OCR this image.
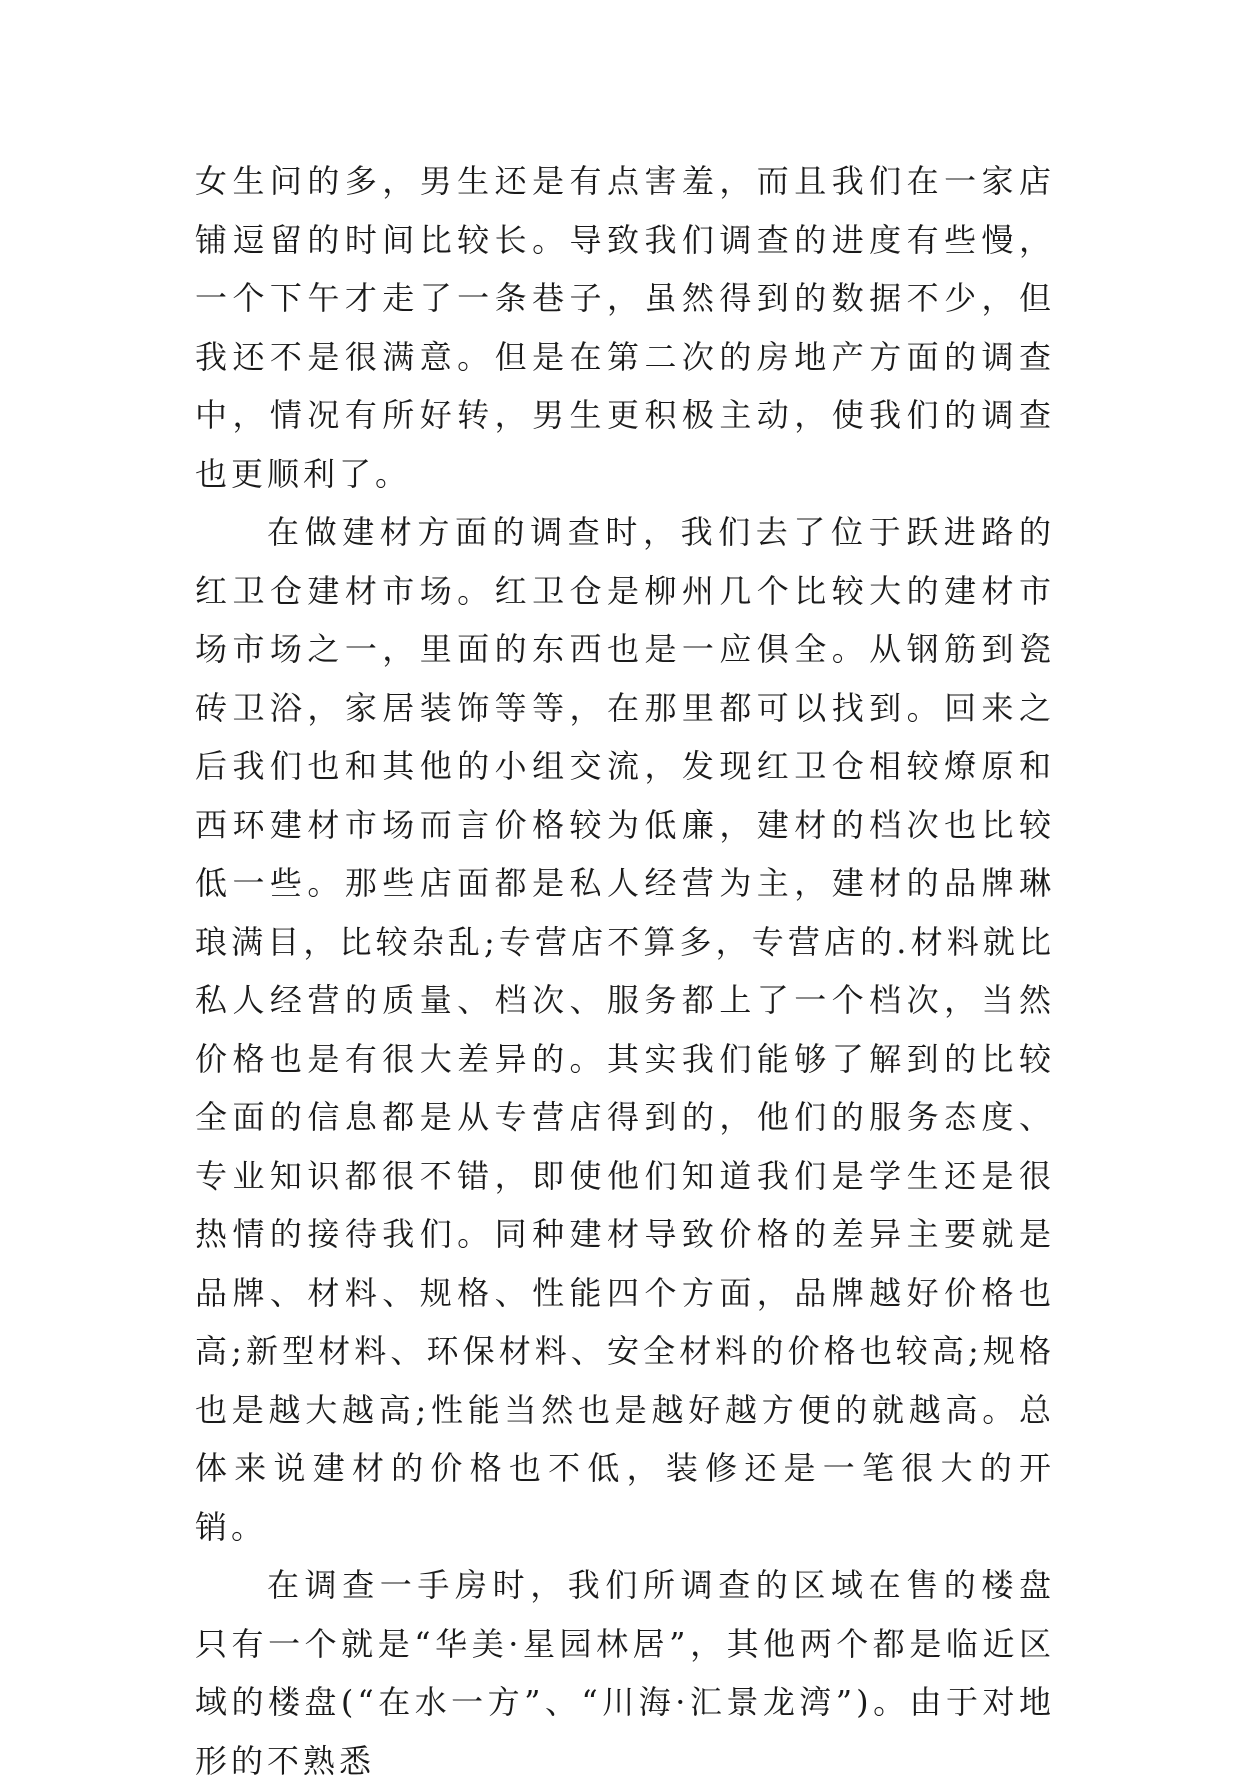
女生问的多，男生还是有点害羞，而且我们在一家店铺逗留的时间比较长。导致我们调查的进度有些慢，一个下午才走了一条巷子，虽然得到的数据不少，但我还不是很满意。但是在第二次的房地产方面的调查中，情况有所好转，男生更积极主动，使我们的调查也更顺利了。

在做建材方面的调查时，我们去了位于跃进路的红卫仓建材市场。红卫仓是柳州几个比较大的建材市场市场之一，里面的东西也是一应俱全。从钢筋到瓷砖卫浴，家居装饰等等，在那里都可以找到。回来之后我们也和其他的小组交流，发现红卫仓相较燎原和西环建材市场而言价格较为低廉，建材的档次也比较低一些。那些店面都是私人经营为主，建材的品牌琳琅满目，比较杂乱;专营店不算多，专营店的.材料就比私人经营的质量、档次、服务都上了一个档次，当然价格也是有很大差异的。其实我们能够了解到的比较全面的信息都是从专营店得到的，他们的服务态度、专业知识都很不错，即使他们知道我们是学生还是很热情的接待我们。同种建材导致价格的差异主要就是品牌、材料、规格、性能四个方面，品牌越好价格也高;新型材料、环保材料、安全材料的价格也较高;规格也是越大越高;性能当然也是越好越方便的就越高。总体来说建材的价格也不低，装修还是一笔很大的开销。

在调查一手房时，我们所调查的区域在售的楼盘只有一个就是“华美·星园林居”，其他两个都是临近区域的楼盘(“在水一方”、“川海·汇景龙湾”)。由于对地形的不熟悉
